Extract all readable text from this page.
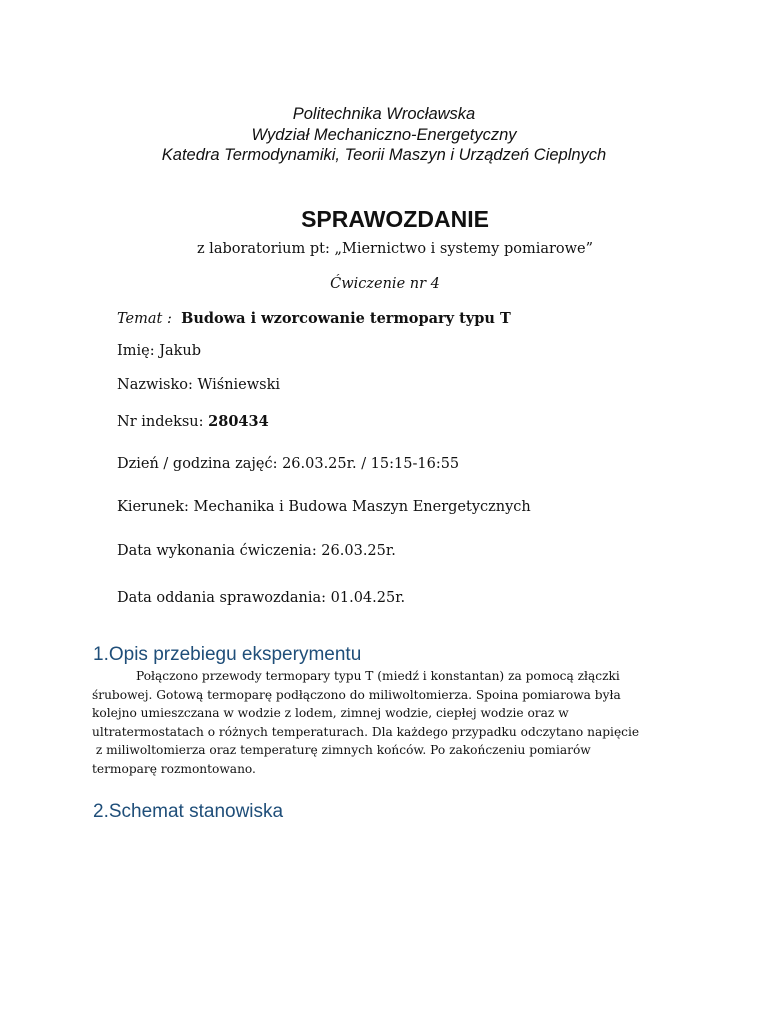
Politechnika Wrocławska
Wydział Mechaniczno-Energetyczny
Katedra Termodynamiki, Teorii Maszyn i Urządzeń Cieplnych
SPRAWOZDANIE
z laboratorium pt: „Miernictwo i systemy pomiarowe”
Ćwiczenie nr 4
Temat : Budowa i wzorcowanie termopary typu T
Imię: Jakub
Nazwisko: Wiśniewski
Nr indeksu: 280434
Dzień / godzina zajęć: 26.03.25r. / 15:15-16:55
Kierunek: Mechanika i Budowa Maszyn Energetycznych
Data wykonania ćwiczenia: 26.03.25r.
Data oddania sprawozdania: 01.04.25r.
1.Opis przebiegu eksperymentu
Połączono przewody termopary typu T (miedź i konstantan) za pomocą złączki
śrubowej. Gotową termoparę podłączono do miliwoltomierza. Spoina pomiarowa była
kolejno umieszczana w wodzie z lodem, zimnej wodzie, ciepłej wodzie oraz w
ultratermostatach o różnych temperaturach. Dla każdego przypadku odczytano napięcie
z miliwoltomierza oraz temperaturę zimnych końców. Po zakończeniu pomiarów
termoparę rozmontowano.
2.Schemat stanowiska
